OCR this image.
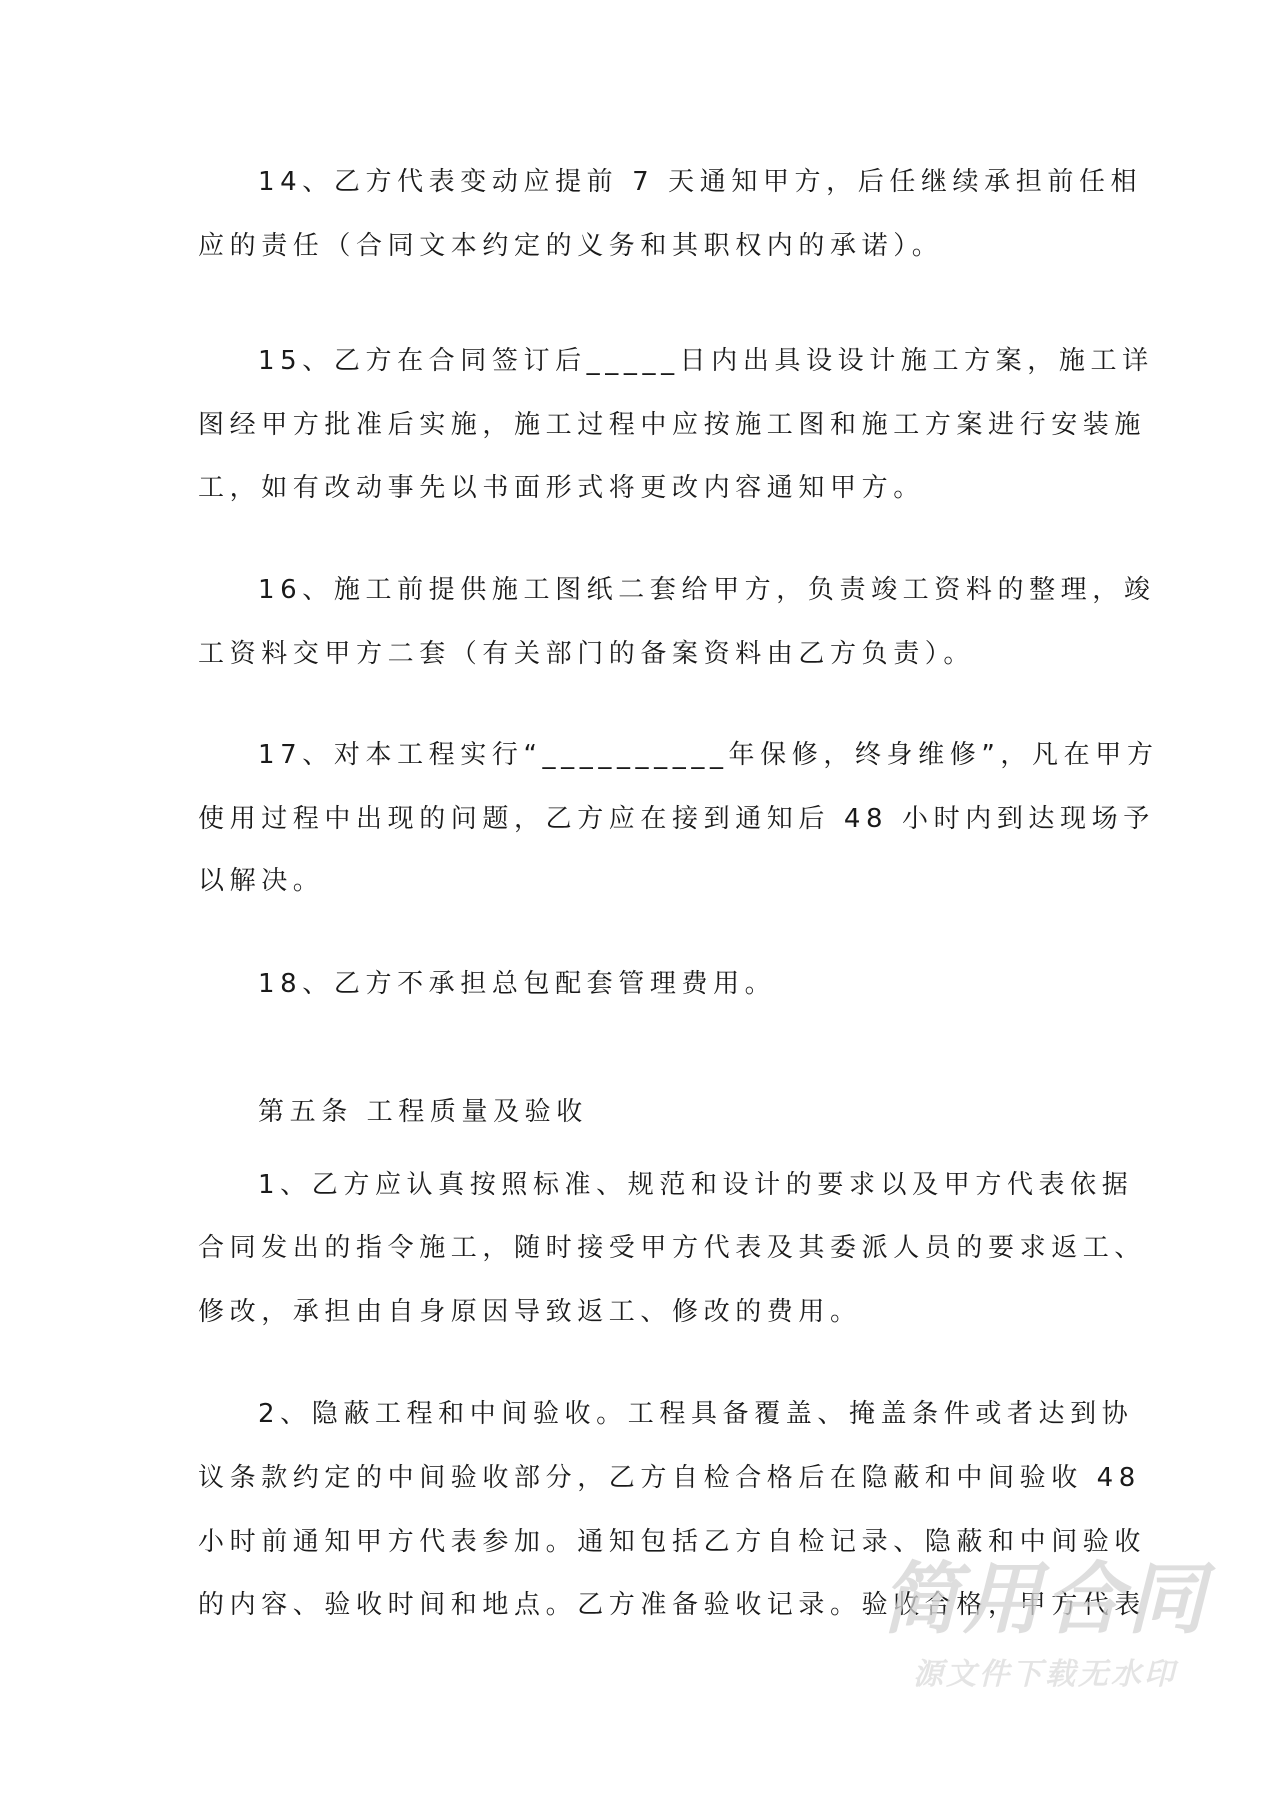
14、乙方代表变动应提前 7 天通知甲方，后任继续承担前任相
应的责任（合同文本约定的义务和其职权内的承诺）。
15、乙方在合同签订后_____日内出具设设计施工方案，施工详
图经甲方批准后实施，施工过程中应按施工图和施工方案进行安装施
工，如有改动事先以书面形式将更改内容通知甲方。
16、施工前提供施工图纸二套给甲方，负责竣工资料的整理，竣
工资料交甲方二套（有关部门的备案资料由乙方负责）。
17、对本工程实行“__________年保修，终身维修”，凡在甲方
使用过程中出现的问题，乙方应在接到通知后 48 小时内到达现场予
以解决。
18、乙方不承担总包配套管理费用。
第五条 工程质量及验收
1、乙方应认真按照标准、规范和设计的要求以及甲方代表依据
合同发出的指令施工，随时接受甲方代表及其委派人员的要求返工、
修改，承担由自身原因导致返工、修改的费用。
2、隐蔽工程和中间验收。工程具备覆盖、掩盖条件或者达到协
议条款约定的中间验收部分，乙方自检合格后在隐蔽和中间验收 48
小时前通知甲方代表参加。通知包括乙方自检记录、隐蔽和中间验收
的内容、验收时间和地点。乙方准备验收记录。验收合格，甲方代表
简用合同
源文件下载无水印
